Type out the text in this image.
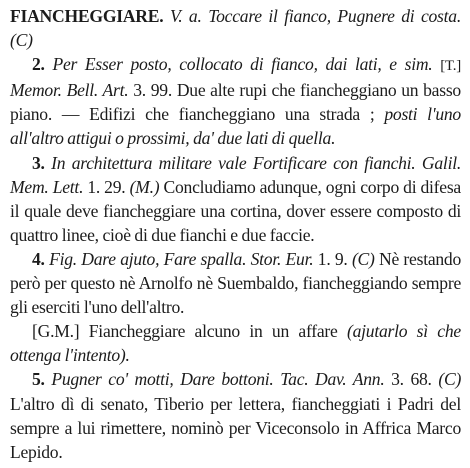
FIANCHEGGIARE. V. a. Toccare il fianco, Pugnere di costa. (C)

2. Per Esser posto, collocato di fianco, dai lati, e sim. [T.] Memor. Bell. Art. 3. 99. Due alte rupi che fiancheggiano un basso piano. — Edifizi che fiancheggiano una strada ; posti l'uno all'altro attigui o prossimi, da' due lati di quella.

3. In architettura militare vale Fortificare con fianchi. Galil. Mem. Lett. 1. 29. (M.) Concludiamo adunque, ogni corpo di difesa il quale deve fiancheggiare una cortina, dover essere composto di quattro linee, cioè di due fianchi e due faccie.

4. Fig. Dare ajuto, Fare spalla. Stor. Eur. 1. 9. (C) Nè restando però per questo nè Arnolfo nè Suembaldo, fiancheggiando sempre gli eserciti l'uno dell'altro.

[G.M.] Fiancheggiare alcuno in un affare (ajutarlo sì che ottenga l'intento).

5. Pugner co' motti, Dare bottoni. Tac. Dav. Ann. 3. 68. (C) L'altro dì di senato, Tiberio per lettera, fiancheggiati i Padri del sempre a lui rimettere, nominò per Viceconsolo in Affrica Marco Lepido.
